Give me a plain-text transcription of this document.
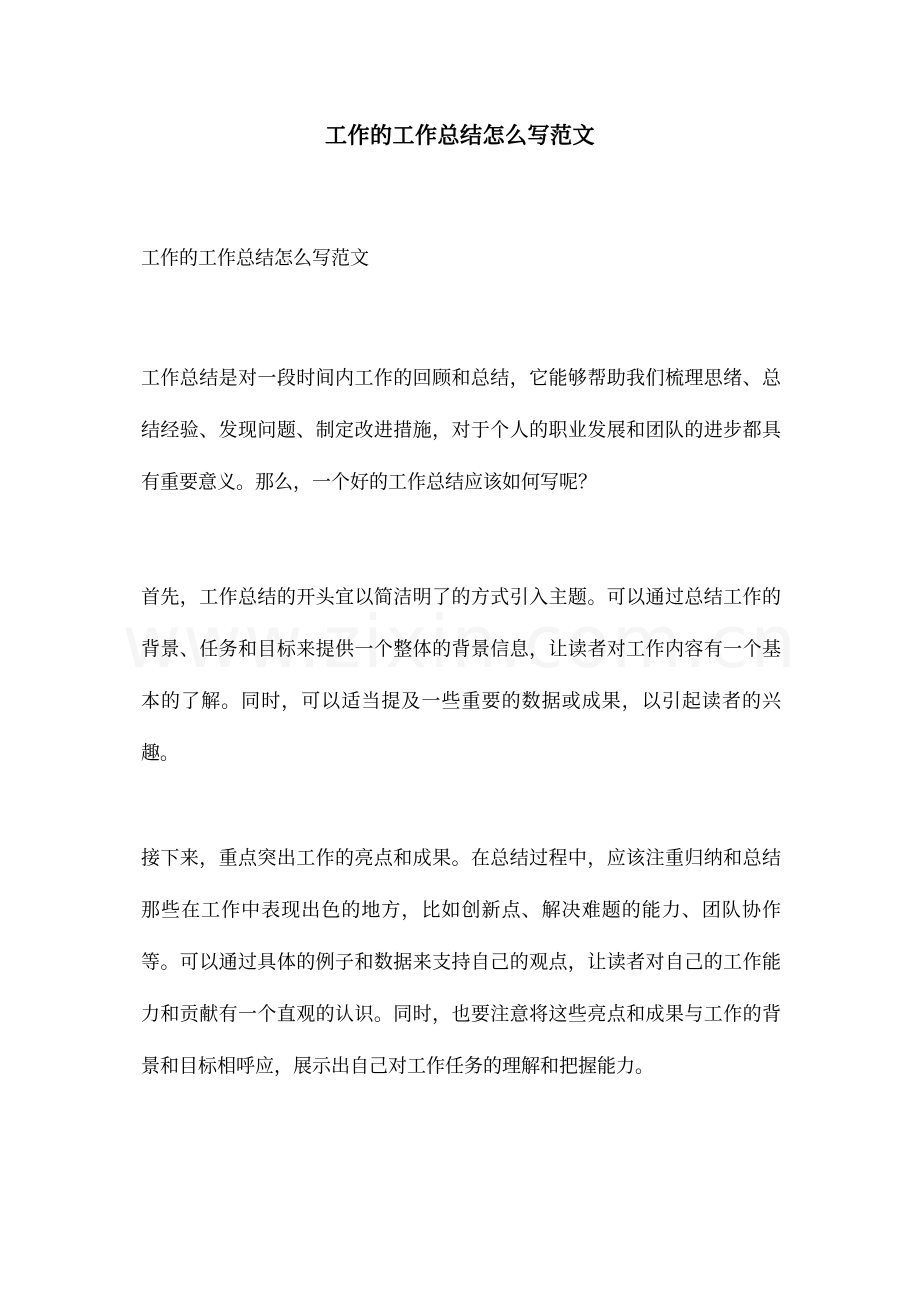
工作的工作总结怎么写范文
工作的工作总结怎么写范文

工作总结是对一段时间内工作的回顾和总结，它能够帮助我们梳理思绪、总结经验、发现问题、制定改进措施，对于个人的职业发展和团队的进步都具有重要意义。那么，一个好的工作总结应该如何写呢？

首先，工作总结的开头宜以简洁明了的方式引入主题。可以通过总结工作的背景、任务和目标来提供一个整体的背景信息，让读者对工作内容有一个基本的了解。同时，可以适当提及一些重要的数据或成果，以引起读者的兴趣。

接下来，重点突出工作的亮点和成果。在总结过程中，应该注重归纳和总结那些在工作中表现出色的地方，比如创新点、解决难题的能力、团队协作等。可以通过具体的例子和数据来支持自己的观点，让读者对自己的工作能力和贡献有一个直观的认识。同时，也要注意将这些亮点和成果与工作的背景和目标相呼应，展示出自己对工作任务的理解和把握能力。
